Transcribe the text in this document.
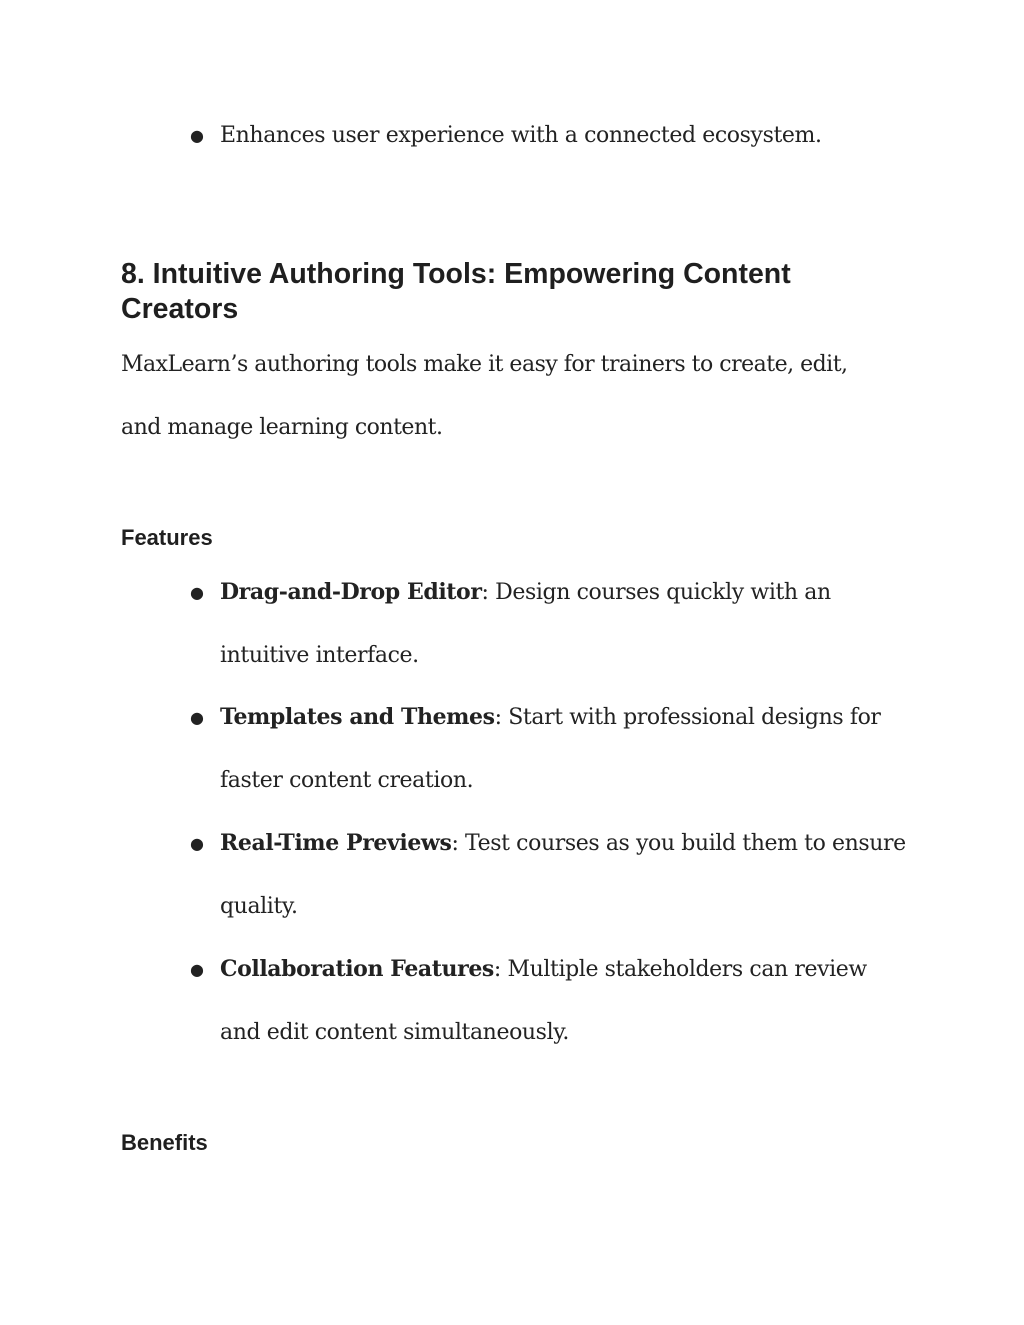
● Enhances user experience with a connected ecosystem.
8. Intuitive Authoring Tools: Empowering Content Creators

MaxLearn’s authoring tools make it easy for trainers to create, edit, and manage learning content.

Features
● Drag-and-Drop Editor: Design courses quickly with an intuitive interface.
● Templates and Themes: Start with professional designs for faster content creation.
● Real-Time Previews: Test courses as you build them to ensure quality.
● Collaboration Features: Multiple stakeholders can review and edit content simultaneously.
Benefits
